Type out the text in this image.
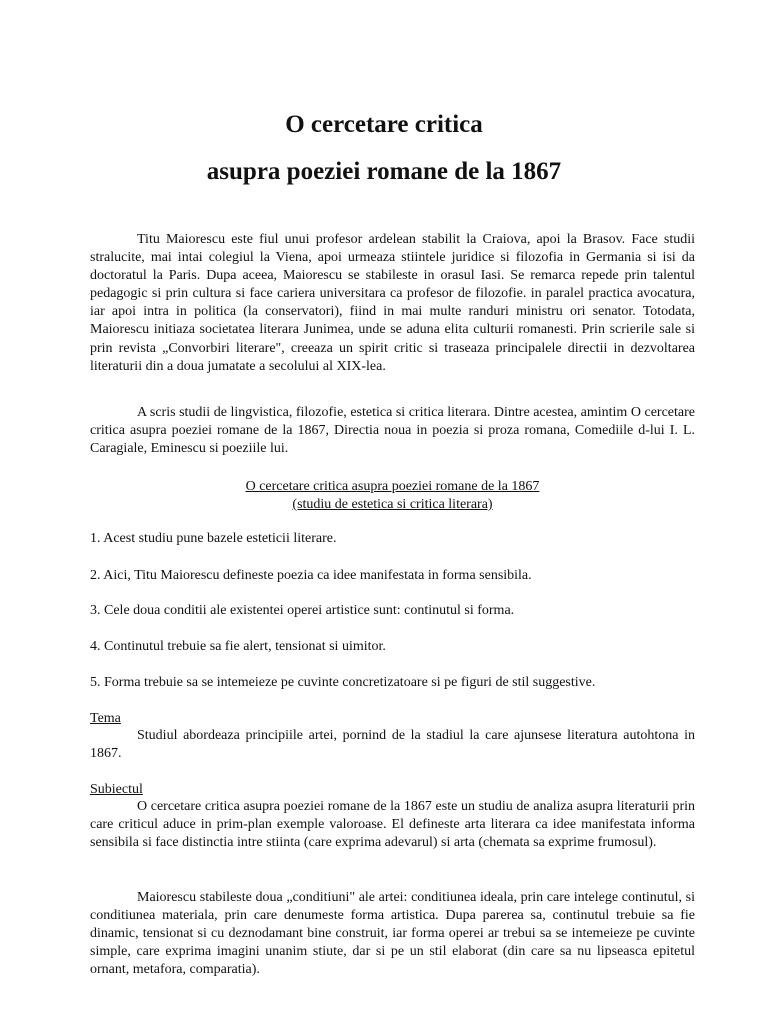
O cercetare critica
asupra poeziei romane de la 1867

Titu Maiorescu este fiul unui profesor ardelean stabilit la Craiova, apoi la Brasov. Face studii stralucite, mai intai colegiul la Viena, apoi urmeaza stiintele juridice si filozofia in Germania si isi da doctoratul la Paris. Dupa aceea, Maiorescu se stabileste in orasul Iasi. Se remarca repede prin talentul pedagogic si prin cultura si face cariera universitara ca profesor de filozofie. in paralel practica avocatura, iar apoi intra in politica (la conservatori), fiind in mai multe randuri ministru ori senator. Totodata, Maiorescu initiaza societatea literara Junimea, unde se aduna elita culturii romanesti. Prin scrierile sale si prin revista „Convorbiri literare", creeaza un spirit critic si traseaza principalele directii in dezvoltarea literaturii din a doua jumatate a secolului al XIX-lea.

A scris studii de lingvistica, filozofie, estetica si critica literara. Dintre acestea, amintim O cercetare critica asupra poeziei romane de la 1867, Directia noua in poezia si proza romana, Comediile d-lui I. L. Caragiale, Eminescu si poeziile lui.

O cercetare critica asupra poeziei romane de la 1867

(studiu de estetica si critica literara)

1. Acest studiu pune bazele esteticii literare.

2. Aici, Titu Maiorescu defineste poezia ca idee manifestata in forma sensibila.

3. Cele doua conditii ale existentei operei artistice sunt: continutul si forma.

4. Continutul trebuie sa fie alert, tensionat si uimitor.

5. Forma trebuie sa se intemeieze pe cuvinte concretizatoare si pe figuri de stil suggestive.

Tema

Studiul abordeaza principiile artei, pornind de la stadiul la care ajunsese literatura autohtona in 1867.

Subiectul

O cercetare critica asupra poeziei romane de la 1867 este un studiu de analiza asupra literaturii prin care criticul aduce in prim-plan exemple valoroase. El defineste arta literara ca idee manifestata informa sensibila si face distinctia intre stiinta (care exprima adevarul) si arta (chemata sa exprime frumosul).

Maiorescu stabileste doua „conditiuni" ale artei: conditiunea ideala, prin care intelege continutul, si conditiunea materiala, prin care denumeste forma artistica. Dupa parerea sa, continutul trebuie sa fie dinamic, tensionat si cu deznodamant bine construit, iar forma operei ar trebui sa se intemeieze pe cuvinte simple, care exprima imagini unanim stiute, dar si pe un stil elaborat (din care sa nu lipseasca epitetul ornant, metafora, comparatia).
